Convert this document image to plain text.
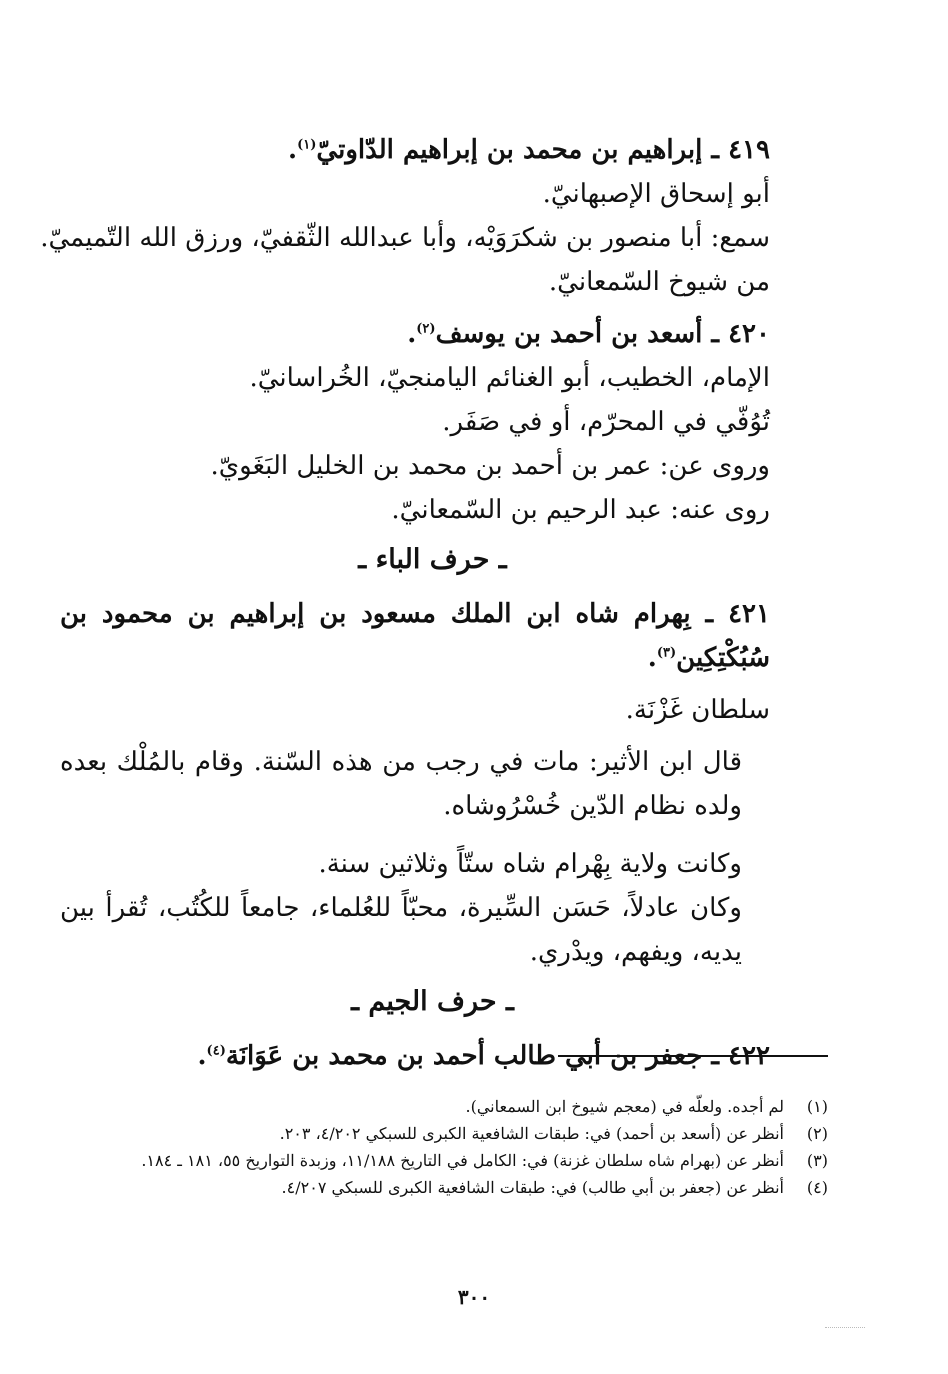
٤١٩ ـ إبراهيم بن محمد بن إبراهيم الدّاوتيّ$^{(١)}$.
أبو إسحاق الإصبهانيّ.
سمع: أبا منصور بن شكرَوَيْه، وأبا عبدالله الثّقفيّ، ورزق الله التّميميّ.
من شيوخ السّمعانيّ.
٤٢٠ ـ أسعد بن أحمد بن يوسف$^{(٢)}$.
الإمام، الخطيب، أبو الغنائم اليامنجيّ، الخُراسانيّ.
تُوُفّي في المحرّم، أو في صَفَر.
وروى عن: عمر بن أحمد بن محمد بن الخليل البَغَويّ.
روى عنه: عبد الرحيم بن السّمعانيّ.
ـ حرف الباء ـ
٤٢١ ـ بِهرام شاه ابن الملك مسعود بن إبراهيم بن محمود بن سُبُكْتِكِين$^{(٣)}$.
سلطان غَزْنَة.
قال ابن الأثير: مات في رجب من هذه السّنة. وقام بالمُلْك بعده ولده نظام الدّين خُسْرُوشاه.
وكانت ولاية بِهْرام شاه ستّاً وثلاثين سنة.
وكان عادلاً، حَسَن السِّيرة، محبّاً للعُلماء، جامعاً للكُتُب، تُقرأ بين يديه، ويفهم، ويدْري.
ـ حرف الجيم ـ
٤٢٢ ـ جعفر بن أبي طالب أحمد بن محمد بن عَوَانَة$^{(٤)}$.
(١)
لم أجده. ولعلّه في (معجم شيوخ ابن السمعاني).
(٢)
أنظر عن (أسعد بن أحمد) في: طبقات الشافعية الكبرى للسبكي ٤/٢٠٢، ٢٠٣.
(٣)
أنظر عن (بهرام شاه سلطان غزنة) في: الكامل في التاريخ ١١/١٨٨، وزبدة التواريخ ٥٥، ١٨١ ـ ١٨٤.
(٤)
أنظر عن (جعفر بن أبي طالب) في: طبقات الشافعية الكبرى للسبكي ٤/٢٠٧.
٣٠٠
